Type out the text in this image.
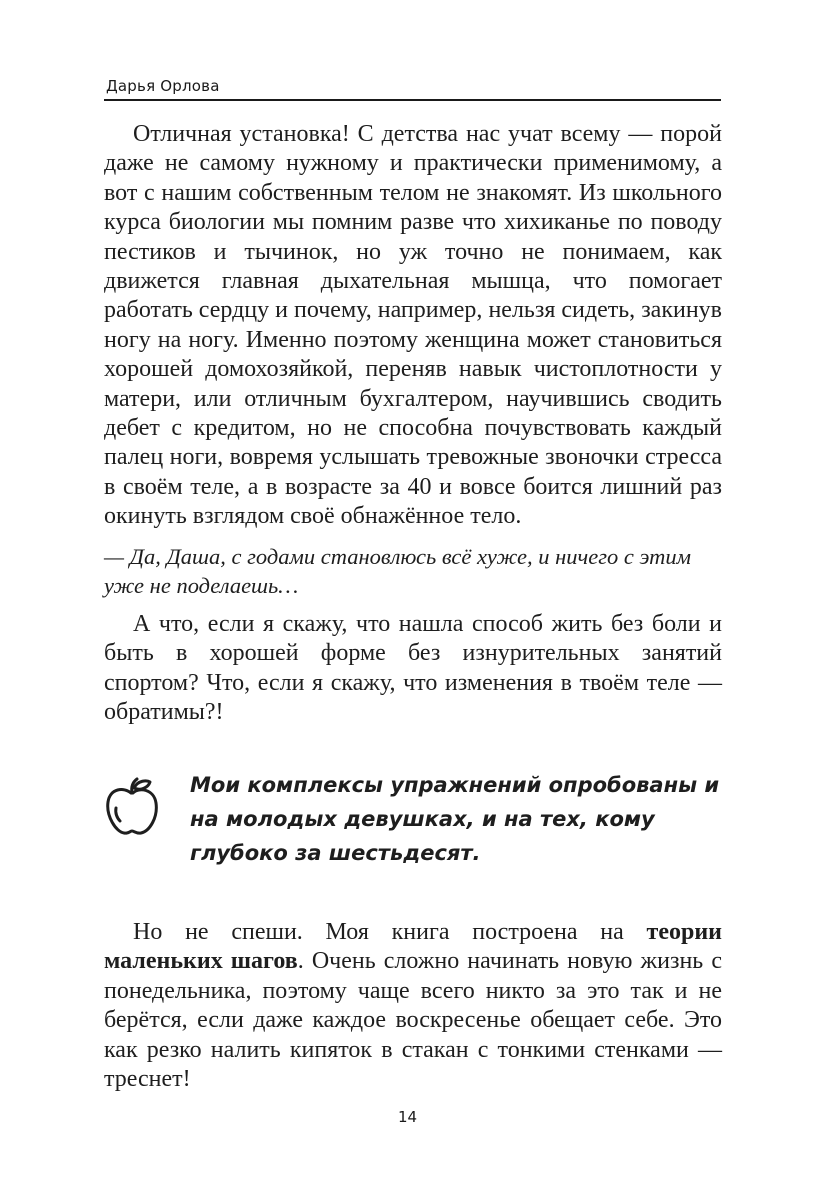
Дарья Орлова

Отличная установка! С детства нас учат всему — порой даже не самому нужному и практически применимому, а вот с нашим собственным телом не знакомят. Из школьного курса биологии мы помним разве что хихиканье по поводу пестиков и тычинок, но уж точно не понимаем, как движется главная дыхательная мышца, что помогает работать сердцу и почему, например, нельзя сидеть, закинув ногу на ногу. Именно поэтому женщина может становиться хорошей домохозяйкой, переняв навык чистоплотности у матери, или отличным бухгалтером, научившись сводить дебет с кредитом, но не способна почувствовать каждый палец ноги, вовремя услышать тревожные звоночки стресса в своём теле, а в возрасте за 40 и вовсе боится лишний раз окинуть взглядом своё обнажённое тело.

— Да, Даша, с годами становлюсь всё хуже, и ничего с этим уже не поделаешь…

А что, если я скажу, что нашла способ жить без боли и быть в хорошей форме без изнурительных занятий спортом? Что, если я скажу, что изменения в твоём теле — обратимы?!

Мои комплексы упражнений опробованы и на молодых девушках, и на тех, кому глубоко за шестьдесят.

Но не спеши. Моя книга построена на теории маленьких шагов. Очень сложно начинать новую жизнь с понедельника, поэтому чаще всего никто за это так и не берётся, если даже каждое воскресенье обещает себе. Это как резко налить кипяток в стакан с тонкими стенками — треснет!

14
